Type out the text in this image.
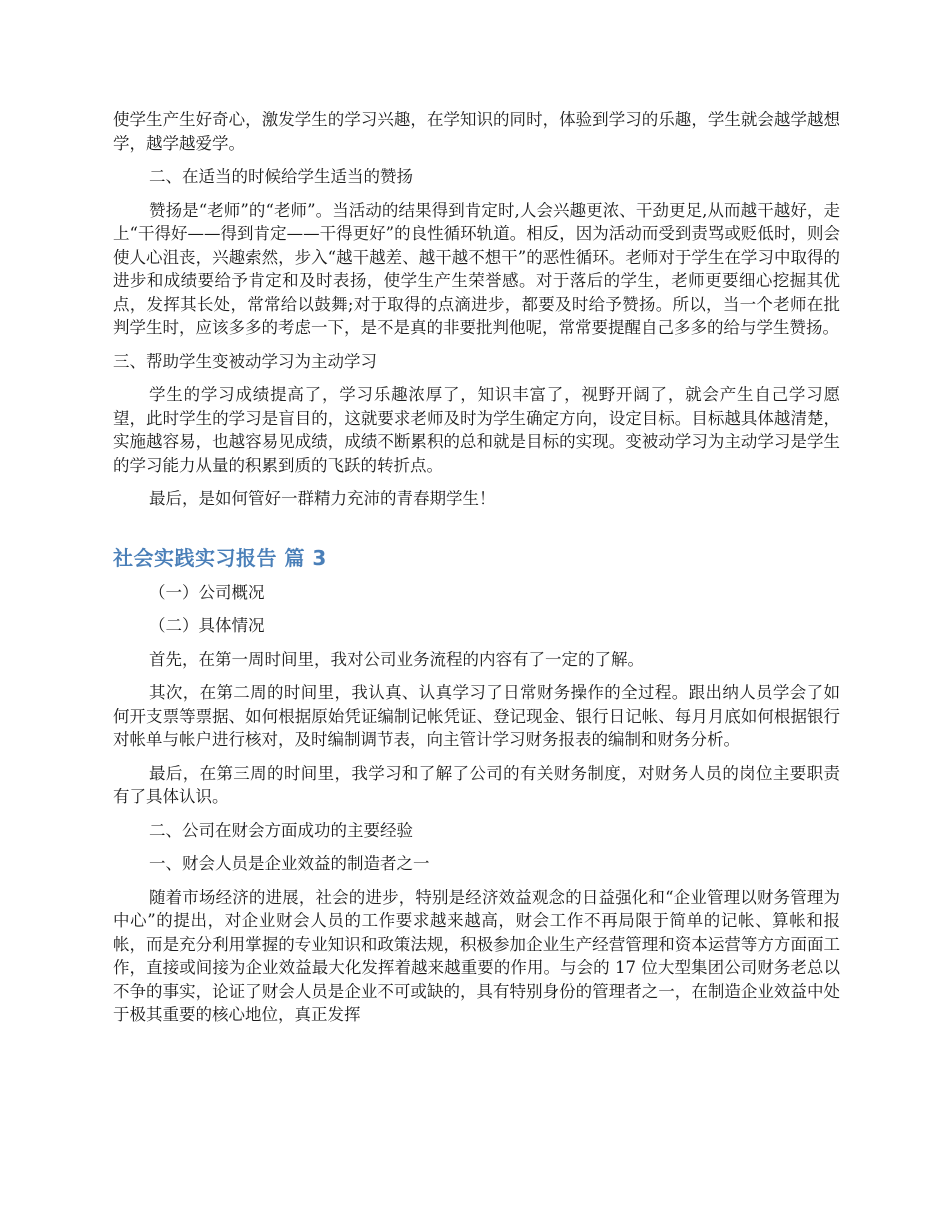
使学生产生好奇心，激发学生的学习兴趣，在学知识的同时，体验到学习的乐趣，学生就会越学越想学，越学越爱学。

二、在适当的时候给学生适当的赞扬

赞扬是“老师”的“老师”。当活动的结果得到肯定时,人会兴趣更浓、干劲更足,从而越干越好，走上“干得好——得到肯定——干得更好”的良性循环轨道。相反，因为活动而受到责骂或贬低时，则会使人心沮丧，兴趣索然，步入“越干越差、越干越不想干”的恶性循环。老师对于学生在学习中取得的进步和成绩要给予肯定和及时表扬，使学生产生荣誉感。对于落后的学生，老师更要细心挖掘其优点，发挥其长处，常常给以鼓舞;对于取得的点滴进步，都要及时给予赞扬。所以，当一个老师在批判学生时，应该多多的考虑一下，是不是真的非要批判他呢，常常要提醒自己多多的给与学生赞扬。

三、帮助学生变被动学习为主动学习

学生的学习成绩提高了，学习乐趣浓厚了，知识丰富了，视野开阔了，就会产生自己学习愿望，此时学生的学习是盲目的，这就要求老师及时为学生确定方向，设定目标。目标越具体越清楚，实施越容易，也越容易见成绩，成绩不断累积的总和就是目标的实现。变被动学习为主动学习是学生的学习能力从量的积累到质的飞跃的转折点。

最后，是如何管好一群精力充沛的青春期学生！

社会实践实习报告 篇 3

（一）公司概况

（二）具体情况

首先，在第一周时间里，我对公司业务流程的内容有了一定的了解。

其次，在第二周的时间里，我认真、认真学习了日常财务操作的全过程。跟出纳人员学会了如何开支票等票据、如何根据原始凭证编制记帐凭证、登记现金、银行日记帐、每月月底如何根据银行对帐单与帐户进行核对，及时编制调节表，向主管计学习财务报表的编制和财务分析。

最后，在第三周的时间里，我学习和了解了公司的有关财务制度，对财务人员的岗位主要职责有了具体认识。

二、公司在财会方面成功的主要经验

一、财会人员是企业效益的制造者之一

随着市场经济的进展，社会的进步，特别是经济效益观念的日益强化和“企业管理以财务管理为中心”的提出，对企业财会人员的工作要求越来越高，财会工作不再局限于简单的记帐、算帐和报帐，而是充分利用掌握的专业知识和政策法规，积极参加企业生产经营管理和资本运营等方方面面工作，直接或间接为企业效益最大化发挥着越来越重要的作用。与会的 17 位大型集团公司财务老总以不争的事实，论证了财会人员是企业不可或缺的，具有特别身份的管理者之一，在制造企业效益中处于极其重要的核心地位，真正发挥
